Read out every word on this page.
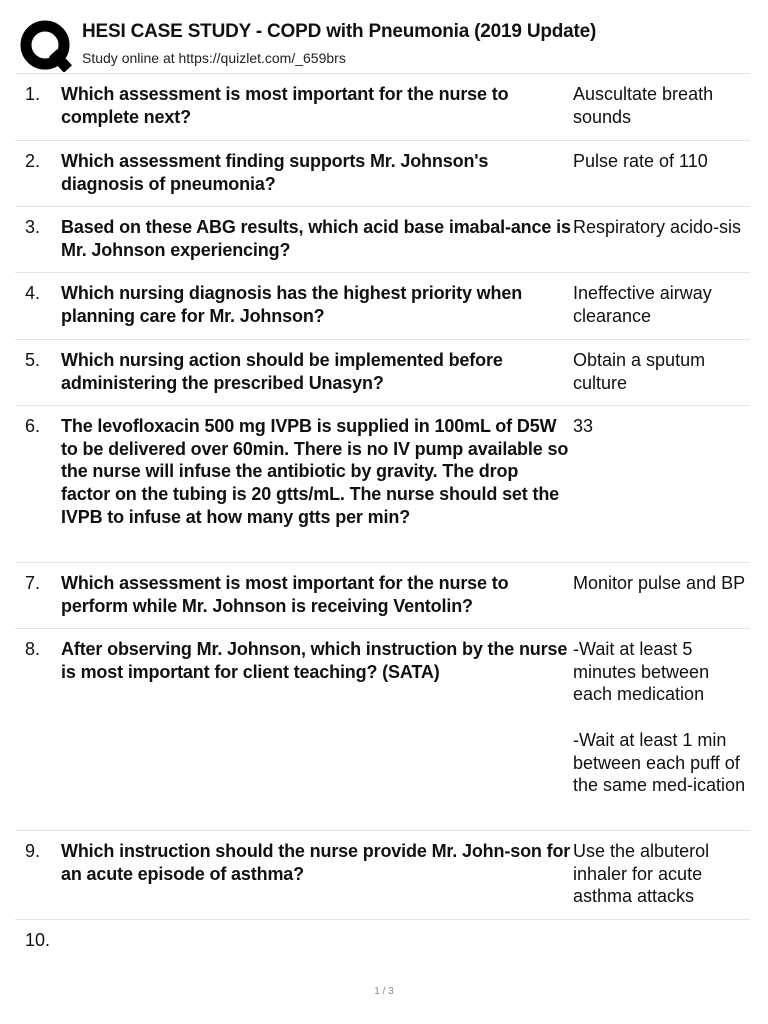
HESI CASE STUDY - COPD with Pneumonia (2019 Update)
Study online at https://quizlet.com/_659brs
1. Which assessment is most important for the nurse to complete next?
Auscultate breath sounds
2. Which assessment finding supports Mr. Johnson's diagnosis of pneumonia?
Pulse rate of 110
3. Based on these ABG results, which acid base imabal-ance is Mr. Johnson experiencing?
Respiratory acido-sis
4. Which nursing diagnosis has the highest priority when planning care for Mr. Johnson?
Ineffective airway clearance
5. Which nursing action should be implemented before administering the prescribed Unasyn?
Obtain a sputum culture
6. The levofloxacin 500 mg IVPB is supplied in 100mL of D5W to be delivered over 60min. There is no IV pump available so the nurse will infuse the antibiotic by gravity. The drop factor on the tubing is 20 gtts/mL. The nurse should set the IVPB to infuse at how many gtts per min?
33
7. Which assessment is most important for the nurse to perform while Mr. Johnson is receiving Ventolin?
Monitor pulse and BP
8. After observing Mr. Johnson, which instruction by the nurse is most important for client teaching? (SATA)
-Wait at least 5 minutes between each medication

-Wait at least 1 min between each puff of the same med-ication
9. Which instruction should the nurse provide Mr. John-son for an acute episode of asthma?
Use the albuterol inhaler for acute asthma attacks
10.
1 / 3
